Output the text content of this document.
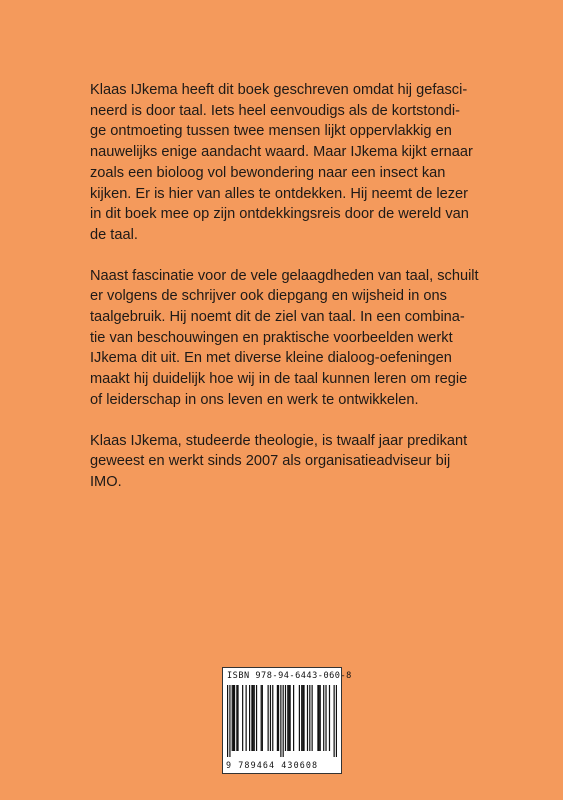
Klaas IJkema heeft dit boek geschreven omdat hij gefasci-
neerd is door taal. Iets heel eenvoudigs als de kortstondi-
ge ontmoeting tussen twee mensen lijkt oppervlakkig en
nauwelijks enige aandacht waard. Maar IJkema kijkt ernaar
zoals een bioloog vol bewondering naar een insect kan
kijken. Er is hier van alles te ontdekken. Hij neemt de lezer
in dit boek mee op zijn ontdekkingsreis door de wereld van
de taal.

Naast fascinatie voor de vele gelaagdheden van taal, schuilt
er volgens de schrijver ook diepgang en wijsheid in ons
taalgebruik. Hij noemt dit de ziel van taal. In een combina-
tie van beschouwingen en praktische voorbeelden werkt
IJkema dit uit. En met diverse kleine dialoog-oefeningen
maakt hij duidelijk hoe wij in de taal kunnen leren om regie
of leiderschap in ons leven en werk te ontwikkelen.

Klaas IJkema, studeerde theologie, is twaalf jaar predikant
geweest en werkt sinds 2007 als organisatieadviseur bij
IMO.

ISBN 978-94-6443-060-8
9 789464 430608
